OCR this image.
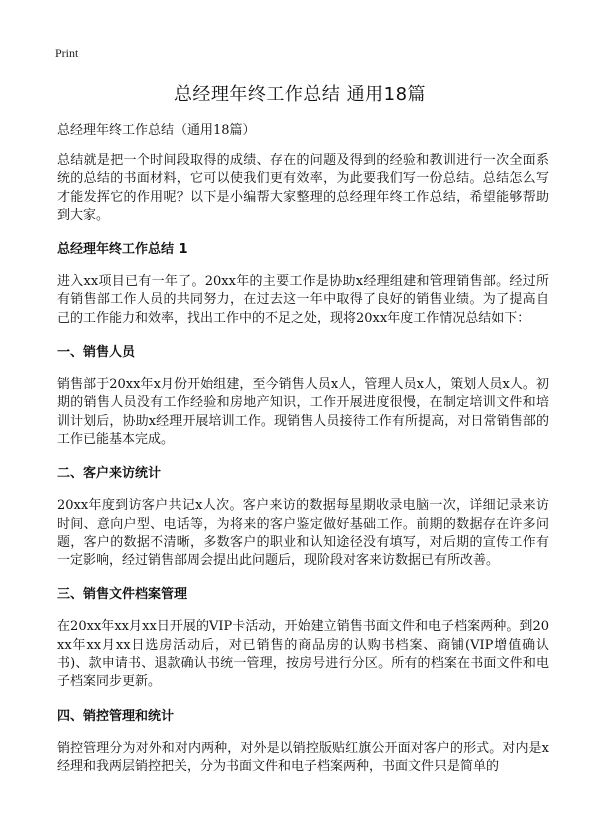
Print
总经理年终工作总结 通用18篇

总经理年终工作总结（通用18篇）

总结就是把一个时间段取得的成绩、存在的问题及得到的经验和教训进行一次全面系统的总结的书面材料，它可以使我们更有效率，为此要我们写一份总结。总结怎么写才能发挥它的作用呢？以下是小编帮大家整理的总经理年终工作总结，希望能够帮助到大家。

总经理年终工作总结 1

进入xx项目已有一年了。20xx年的主要工作是协助x经理组建和管理销售部。经过所有销售部工作人员的共同努力，在过去这一年中取得了良好的销售业绩。为了提高自己的工作能力和效率，找出工作中的不足之处，现将20xx年度工作情况总结如下：

一、销售人员

销售部于20xx年x月份开始组建，至今销售人员x人，管理人员x人，策划人员x人。初期的销售人员没有工作经验和房地产知识，工作开展进度很慢，在制定培训文件和培训计划后，协助x经理开展培训工作。现销售人员接待工作有所提高，对日常销售部的工作已能基本完成。

二、客户来访统计

20xx年度到访客户共记x人次。客户来访的数据每星期收录电脑一次，详细记录来访时间、意向户型、电话等，为将来的客户鉴定做好基础工作。前期的数据存在许多问题，客户的数据不清晰，多数客户的职业和认知途径没有填写，对后期的宣传工作有一定影响，经过销售部周会提出此问题后，现阶段对客来访数据已有所改善。

三、销售文件档案管理

在20xx年xx月xx日开展的VIP卡活动，开始建立销售书面文件和电子档案两种。到20xx年xx月xx日选房活动后，对已销售的商品房的认购书档案、商铺(VIP增值确认书)、款申请书、退款确认书统一管理，按房号进行分区。所有的档案在书面文件和电子档案同步更新。

四、销控管理和统计

销控管理分为对外和对内两种，对外是以销控版贴红旗公开面对客户的形式。对内是x经理和我两层销控把关，分为书面文件和电子档案两种，书面文件只是简单的
